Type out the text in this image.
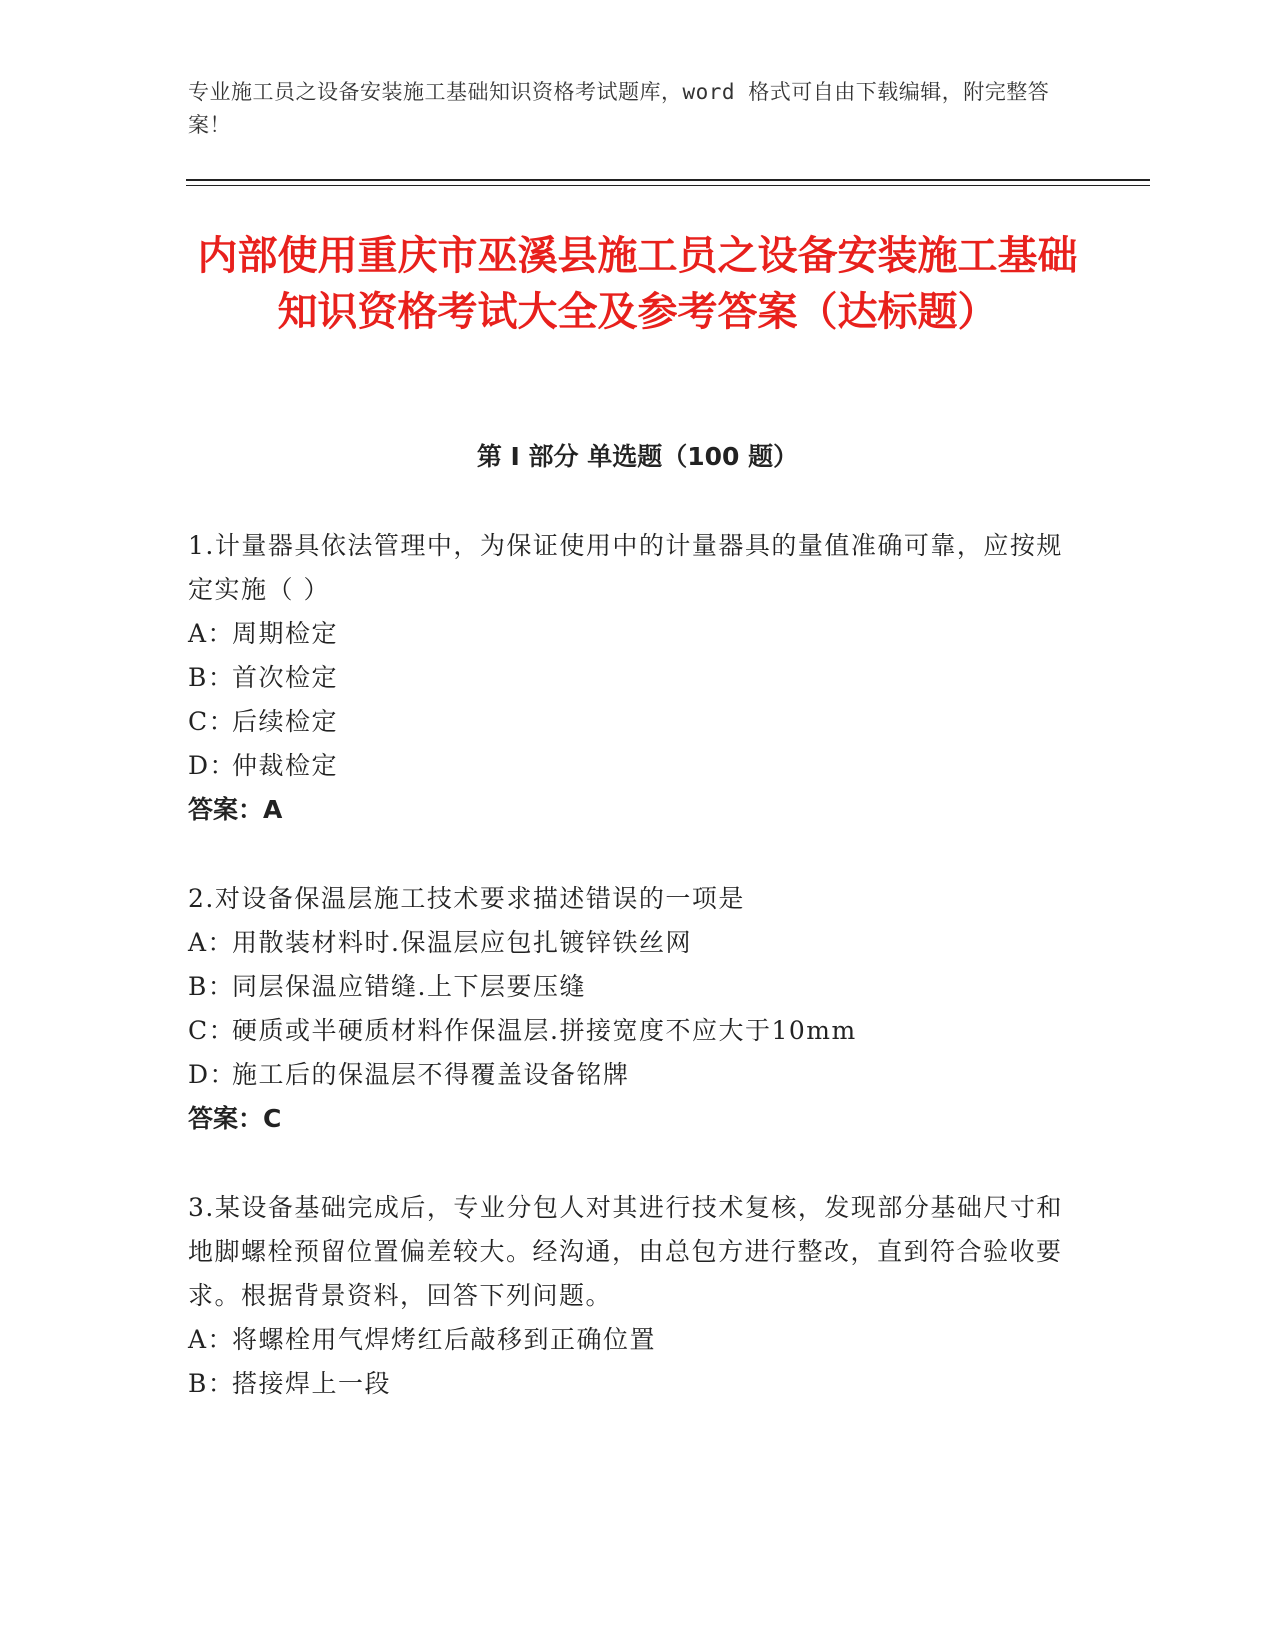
专业施工员之设备安装施工基础知识资格考试题库，word 格式可自由下载编辑，附完整答案！
内部使用重庆市巫溪县施工员之设备安装施工基础知识资格考试大全及参考答案（达标题）
第 I 部分 单选题（100 题）
1.计量器具依法管理中，为保证使用中的计量器具的量值准确可靠，应按规定实施（ ）
A：周期检定
B：首次检定
C：后续检定
D：仲裁检定
答案：A
2.对设备保温层施工技术要求描述错误的一项是
A：用散装材料时.保温层应包扎镀锌铁丝网
B：同层保温应错缝.上下层要压缝
C：硬质或半硬质材料作保温层.拼接宽度不应大于10mm
D：施工后的保温层不得覆盖设备铭牌
答案：C
3.某设备基础完成后，专业分包人对其进行技术复核，发现部分基础尺寸和地脚螺栓预留位置偏差较大。经沟通，由总包方进行整改，直到符合验收要求。根据背景资料，回答下列问题。
A：将螺栓用气焊烤红后敲移到正确位置
B：搭接焊上一段
